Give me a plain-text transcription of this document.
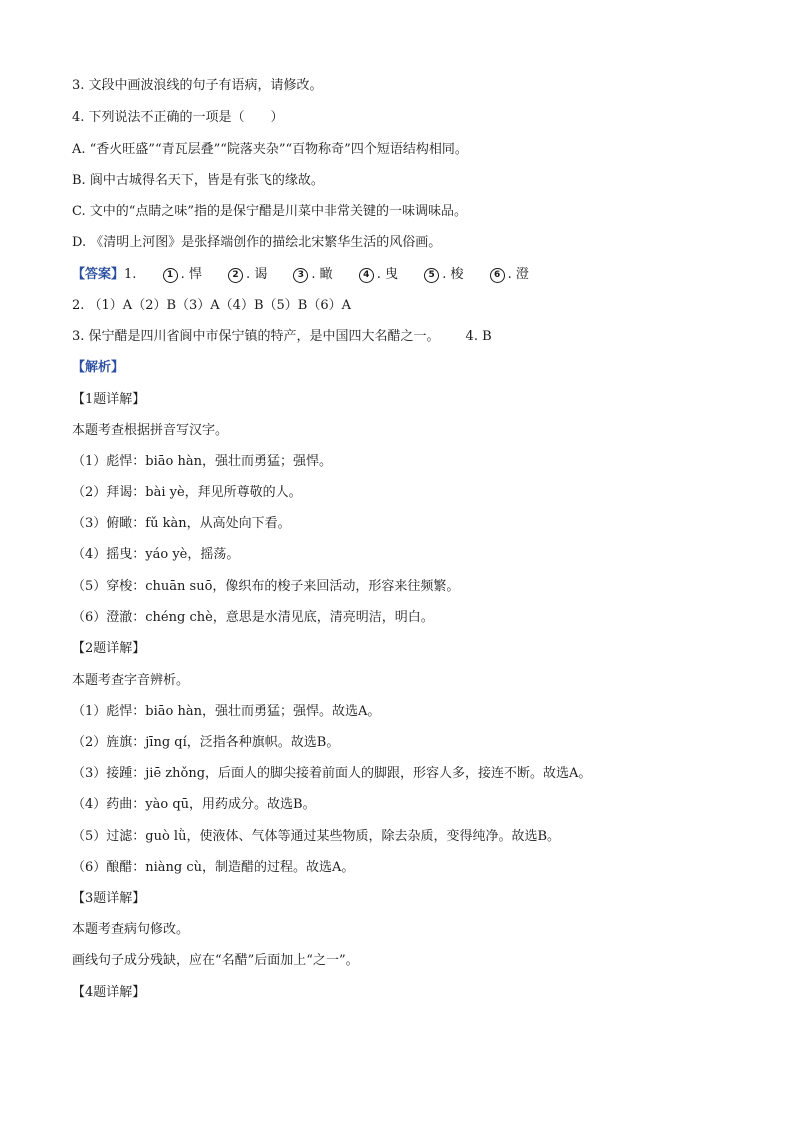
3. 文段中画波浪线的句子有语病，请修改。
4. 下列说法不正确的一项是（　　）
A. “香火旺盛”“青瓦层叠”“院落夹杂”“百物称奇”四个短语结构相同。
B. 阆中古城得名天下，皆是有张飞的缘故。
C. 文中的“点睛之味”指的是保宁醋是川菜中非常关键的一味调味品。
D. 《清明上河图》是张择端创作的描绘北宋繁华生活的风俗画。
【答案】1.	1 . 悍	2 . 谒	3 . 瞰	4 . 曳	5 . 梭	6 . 澄
2. （1）A（2）B（3）A（4）B（5）B（6）A
3. 保宁醋是四川省阆中市保宁镇的特产，是中国四大名醋之一。 4. B
【解析】
【1题详解】
本题考查根据拼音写汉字。
（1）彪悍：biāo hàn，强壮而勇猛；强悍。
（2）拜谒：bài yè，拜见所尊敬的人。
（3）俯瞰：fǔ kàn，从高处向下看。
（4）摇曳：yáo yè，摇荡。
（5）穿梭：chuān suō，像织布的梭子来回活动，形容来往频繁。
（6）澄澈：chéng chè，意思是水清见底，清亮明洁，明白。
【2题详解】
本题考查字音辨析。
（1）彪悍：biāo hàn，强壮而勇猛；强悍。故选A。
（2）旌旗：jīng qí，泛指各种旗帜。故选B。
（3）接踵：jiē zhǒng，后面人的脚尖接着前面人的脚跟，形容人多，接连不断。故选A。
（4）药曲：yào qū，用药成分。故选B。
（5）过滤：guò lǜ，使液体、气体等通过某些物质，除去杂质，变得纯净。故选B。
（6）酿醋：niàng cù，制造醋的过程。故选A。
【3题详解】
本题考查病句修改。
画线句子成分残缺，应在“名醋”后面加上“之一”。
【4题详解】
